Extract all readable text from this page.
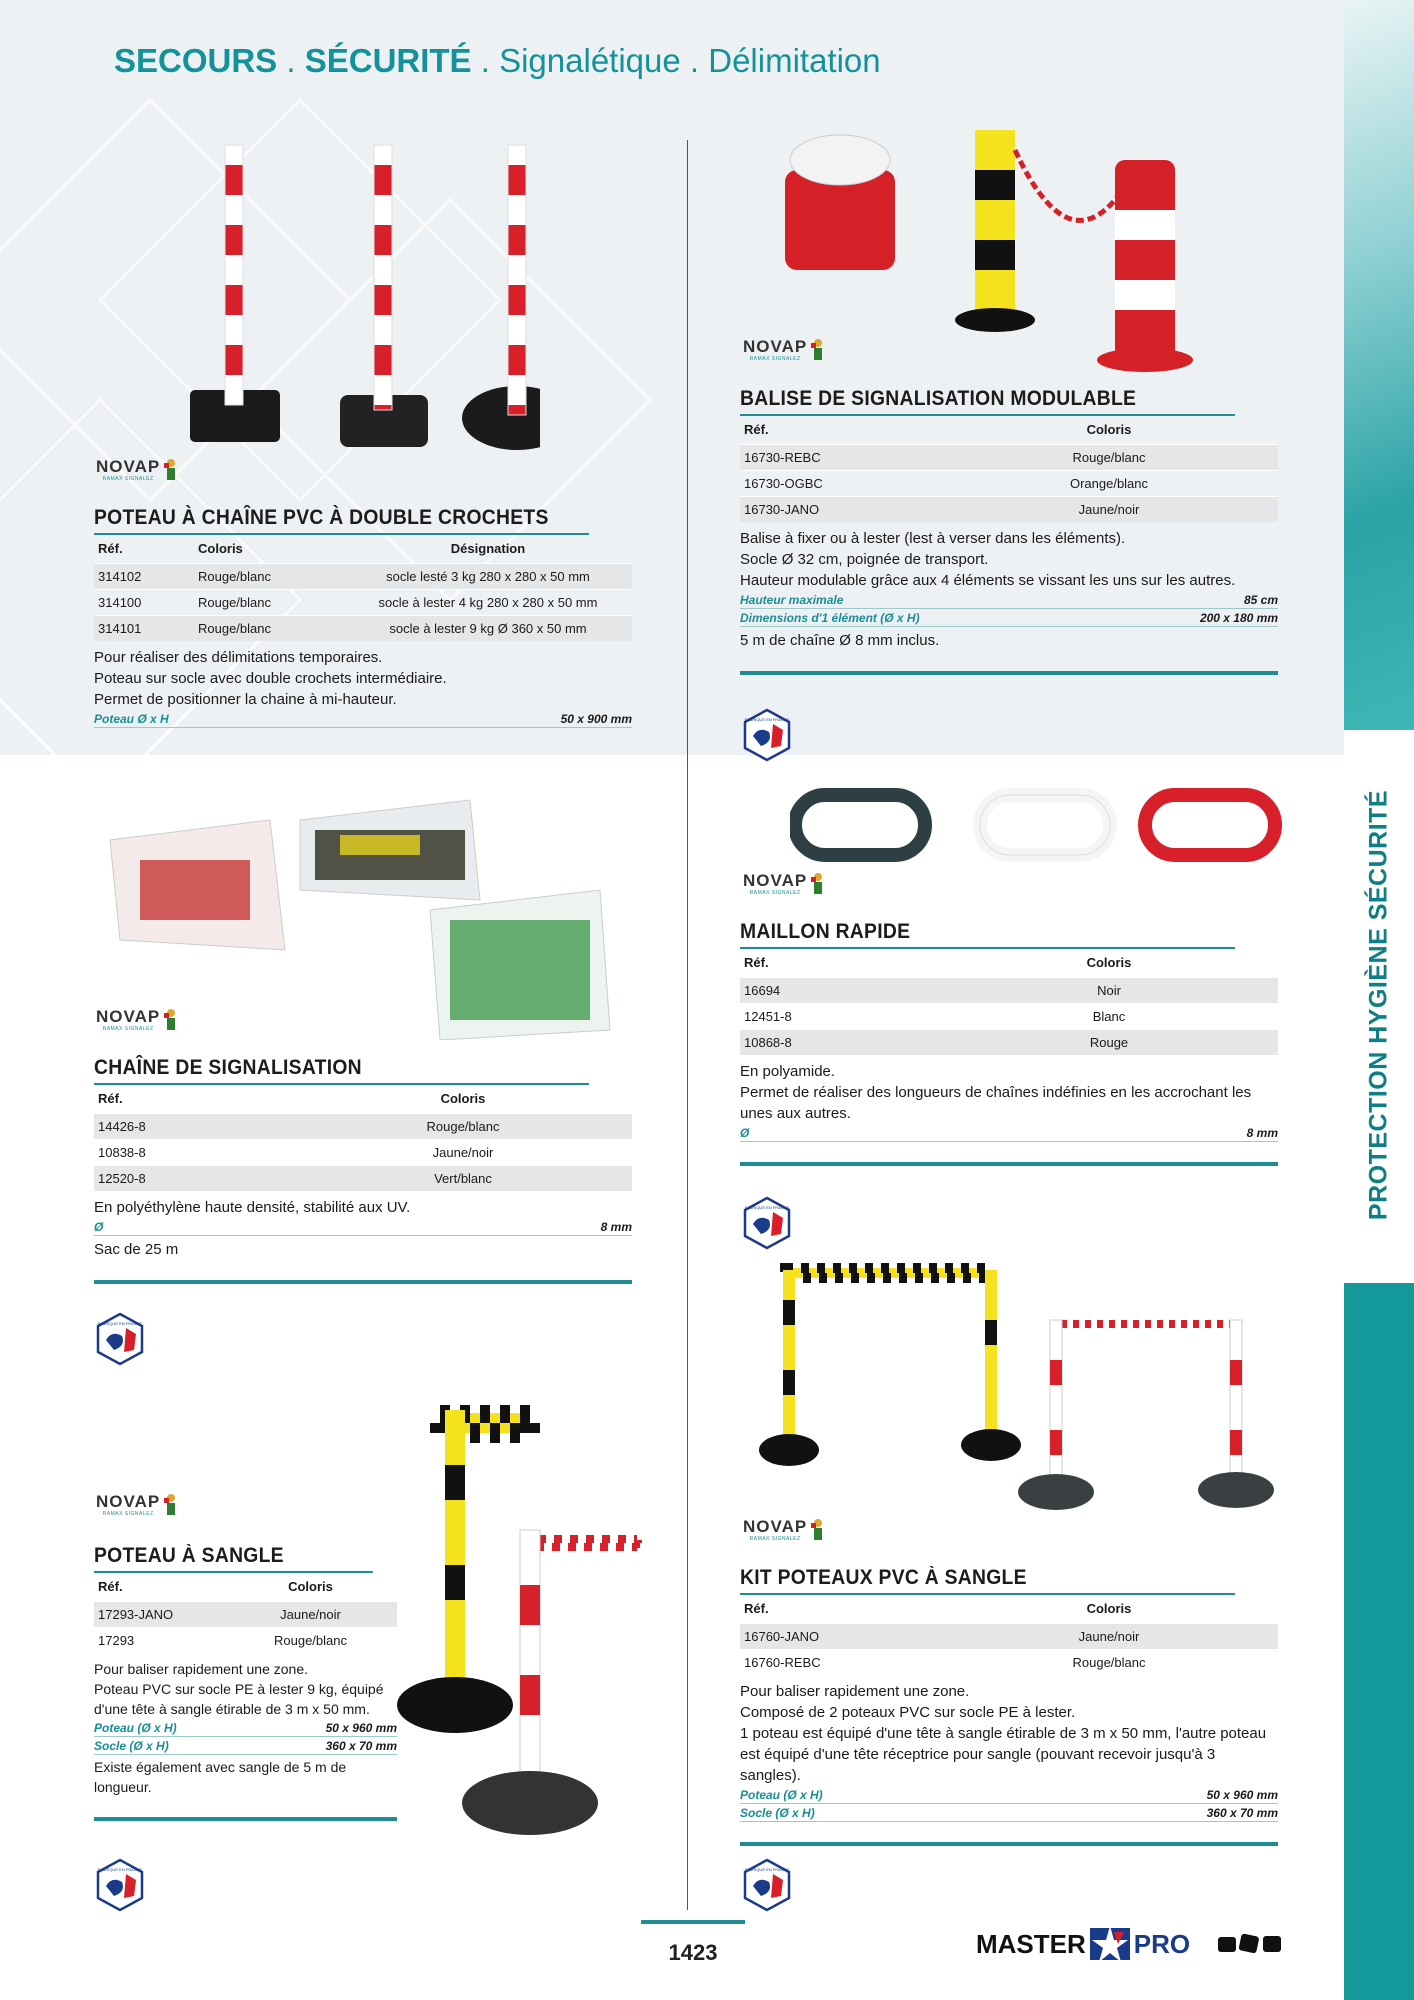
PROTECTION HYGIÈNE SÉCURITÉ
SECOURS . SÉCURITÉ . Signalétique . Délimitation
NOVAP
RAMAX SIGNALEZ
NOVAP
RAMAX SIGNALEZ
NOVAP
RAMAX SIGNALEZ
NOVAP
RAMAX SIGNALEZ
NOVAP
RAMAX SIGNALEZ
NOVAP
RAMAX SIGNALEZ
POTEAU À CHAÎNE PVC À DOUBLE CROCHETS
Réf.	Coloris	Désignation
314102	Rouge/blanc	socle lesté 3 kg 280 x 280 x 50 mm
314100	Rouge/blanc	socle à lester 4 kg 280 x 280 x 50 mm
314101	Rouge/blanc	socle à lester 9 kg Ø 360 x 50 mm
Pour réaliser des délimitations temporaires.
Poteau sur socle avec double crochets intermédiaire.
Permet de positionner la chaine à mi-hauteur.
Poteau Ø x H	50 x 900 mm
BALISE DE SIGNALISATION MODULABLE
Réf.	Coloris
16730-REBC	Rouge/blanc
16730-OGBC	Orange/blanc
16730-JANO	Jaune/noir
Balise à fixer ou à lester (lest à verser dans les éléments).
Socle Ø 32 cm, poignée de transport.
Hauteur modulable grâce aux 4 éléments se vissant les uns sur les autres.
Hauteur maximale	85 cm
Dimensions d'1 élément (Ø x H)	200 x 180 mm
5 m de chaîne Ø 8 mm inclus.
CHAÎNE DE SIGNALISATION
Réf.	Coloris
14426-8	Rouge/blanc
10838-8	Jaune/noir
12520-8	Vert/blanc
En polyéthylène haute densité, stabilité aux UV.
Ø	8 mm
Sac de 25 m
MAILLON RAPIDE
Réf.	Coloris
16694	Noir
12451-8	Blanc
10868-8	Rouge
En polyamide.
Permet de réaliser des longueurs de chaînes indéfinies en les accrochant les unes aux autres.
Ø	8 mm
POTEAU À SANGLE
Réf.	Coloris
17293-JANO	Jaune/noir
17293	Rouge/blanc
Pour baliser rapidement une zone.
Poteau PVC sur socle PE à lester 9 kg, équipé d'une tête à sangle étirable de 3 m x 50 mm.
Poteau (Ø x H)	50 x 960 mm
Socle (Ø x H)	360 x 70 mm
Existe également avec sangle de 5 m de longueur.
KIT POTEAUX PVC À SANGLE
Réf.	Coloris
16760-JANO	Jaune/noir
16760-REBC	Rouge/blanc
Pour baliser rapidement une zone.
Composé de 2 poteaux PVC sur socle PE à lester.
1 poteau est équipé d'une tête à sangle étirable de 3 m x 50 mm, l'autre poteau est équipé d'une tête réceptrice pour sangle (pouvant recevoir jusqu'à 3 sangles).
Poteau (Ø x H)	50 x 960 mm
Socle (Ø x H)	360 x 70 mm
FABRIQUÉ EN FRANCE
FABRIQUÉ EN FRANCE
FABRIQUÉ EN FRANCE
FABRIQUÉ EN FRANCE	FABRIQUÉ EN FRANCE
1423	MASTER PRO
